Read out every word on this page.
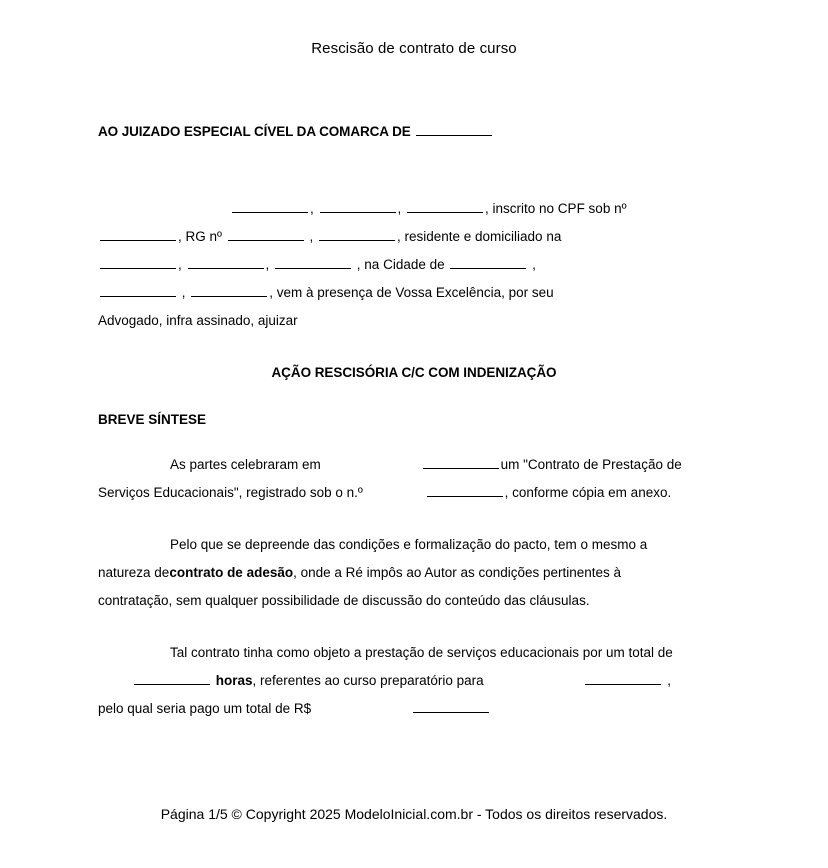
Rescisão de contrato de curso
AO JUIZADO ESPECIAL CÍVEL DA COMARCA DE

,	,	, inscrito no CPF sob nº

, RG nº	,	, residente e domiciliado na

,	,	, na Cidade de	,

,	, vem à presença de Vossa Excelência, por seu

Advogado, infra assinado, ajuizar

AÇÃO RESCISÓRIA C/C COM INDENIZAÇÃO
BREVE SÍNTESE
As partes celebraram em	um "Contrato de Prestação de
Serviços Educacionais", registrado sob o n.º	, conforme cópia em anexo.
Pelo que se depreende das condições e formalização do pacto, tem o mesmo a
natureza decontrato de adesão, onde a Ré impôs ao Autor as condições pertinentes à
contratação, sem qualquer possibilidade de discussão do conteúdo das cláusulas.
Tal contrato tinha como objeto a prestação de serviços educacionais por um total de
horas, referentes ao curso preparatório para	,
pelo qual seria pago um total de R$
Página 1/5 © Copyright 2025 ModeloInicial.com.br - Todos os direitos reservados.
